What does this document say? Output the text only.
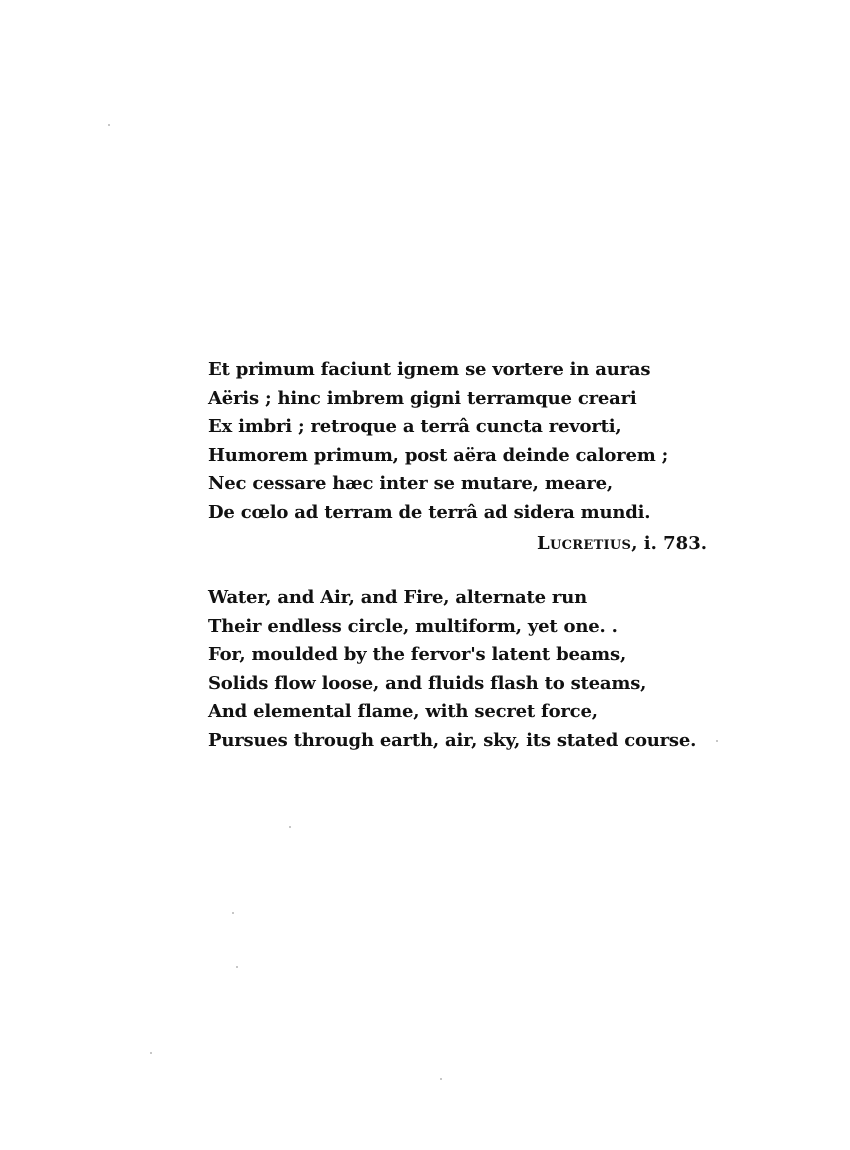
Et primum faciunt ignem se vortere in auras
Aëris ; hinc imbrem gigni terramque creari
Ex imbri ; retroque a terrâ cuncta revorti,
Humorem primum, post aëra deinde calorem ;
Nec cessare hæc inter se mutare, meare,
De cœlo ad terram de terrâ ad sidera mundi.
Lucretius, i. 783.
Water, and Air, and Fire, alternate run
Their endless circle, multiform, yet one. .
For, moulded by the fervor's latent beams,
Solids flow loose, and fluids flash to steams,
And elemental flame, with secret force,
Pursues through earth, air, sky, its stated course.
